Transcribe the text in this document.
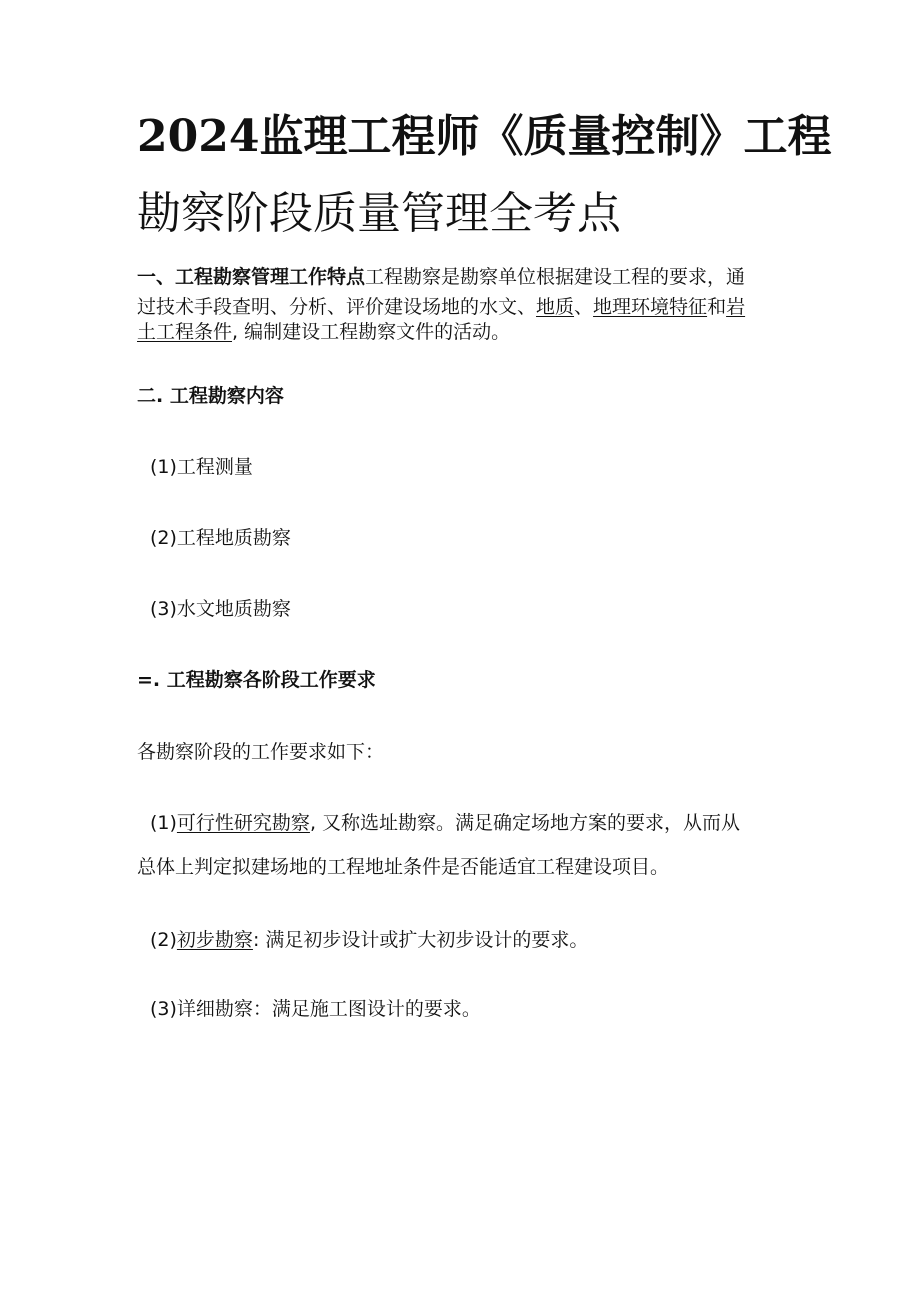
2024监理工程师《质量控制》工程
勘察阶段质量管理全考点
一、工程勘察管理工作特点工程勘察是勘察单位根据建设工程的要求，通
过技术手段查明、分析、评价建设场地的水文、地质、地理环境特征和岩
土工程条件, 编制建设工程勘察文件的活动。
二. 工程勘察内容
(1)工程测量
(2)工程地质勘察
(3)水文地质勘察
=. 工程勘察各阶段工作要求
各勘察阶段的工作要求如下：
(1)可行性研究勘察, 又称选址勘察。满足确定场地方案的要求，从而从
总体上判定拟建场地的工程地址条件是否能适宜工程建设项目。
(2)初步勘察: 满足初步设计或扩大初步设计的要求。
(3)详细勘察：满足施工图设计的要求。
